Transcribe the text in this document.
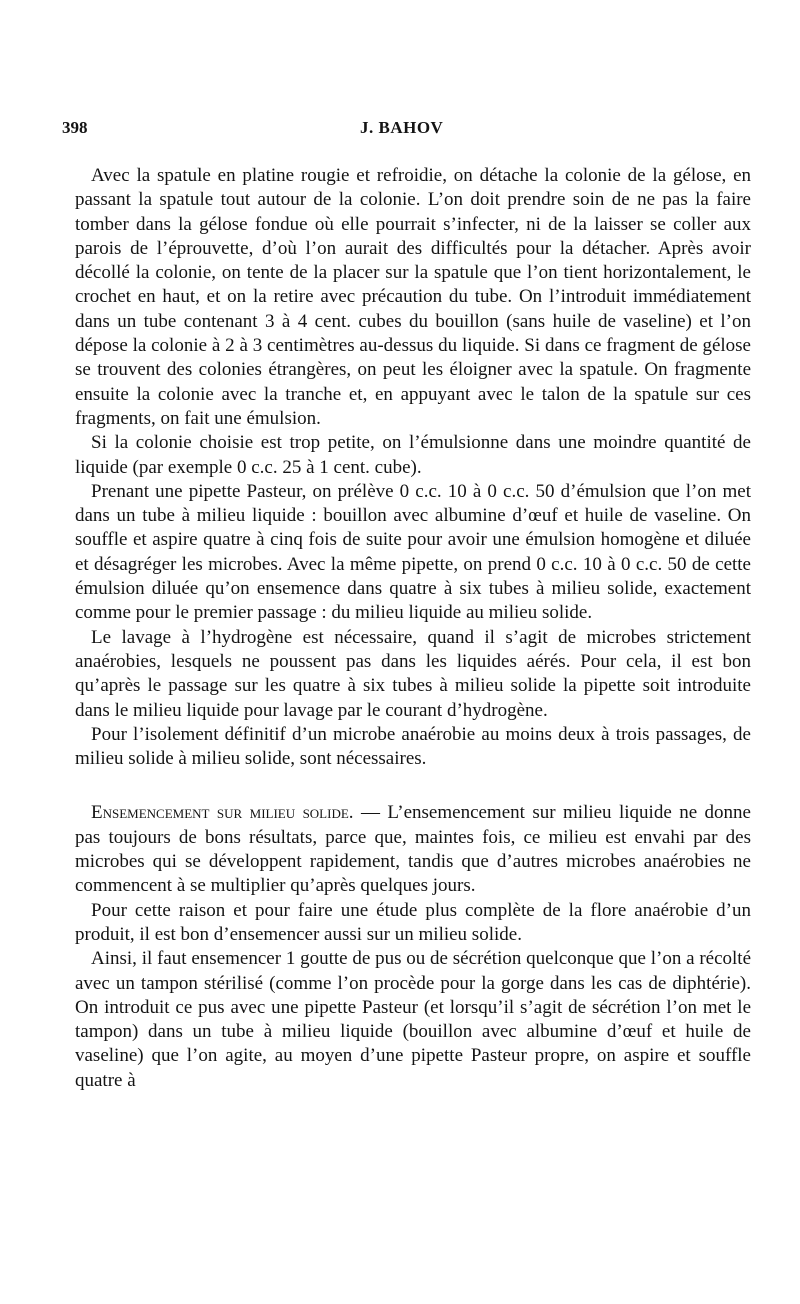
398	J. BAHOV

Avec la spatule en platine rougie et refroidie, on détache la colonie de la gélose, en passant la spatule tout autour de la colonie. L’on doit prendre soin de ne pas la faire tomber dans la gélose fondue où elle pourrait s’infecter, ni de la laisser se coller aux parois de l’éprouvette, d’où l’on aurait des difficultés pour la détacher. Après avoir décollé la colonie, on tente de la placer sur la spatule que l’on tient horizontalement, le crochet en haut, et on la retire avec précaution du tube. On l’introduit immédiatement dans un tube contenant 3 à 4 cent. cubes du bouillon (sans huile de vaseline) et l’on dépose la colonie à 2 à 3 centimètres au-dessus du liquide. Si dans ce fragment de gélose se trouvent des colonies étrangères, on peut les éloigner avec la spatule. On fragmente ensuite la colonie avec la tranche et, en appuyant avec le talon de la spatule sur ces fragments, on fait une émulsion.

Si la colonie choisie est trop petite, on l’émulsionne dans une moindre quantité de liquide (par exemple 0 c.c. 25 à 1 cent. cube).

Prenant une pipette Pasteur, on prélève 0 c.c. 10 à 0 c.c. 50 d’émulsion que l’on met dans un tube à milieu liquide : bouillon avec albumine d’œuf et huile de vaseline. On souffle et aspire quatre à cinq fois de suite pour avoir une émulsion homogène et diluée et désagréger les microbes. Avec la même pipette, on prend 0 c.c. 10 à 0 c.c. 50 de cette émulsion diluée qu’on ensemence dans quatre à six tubes à milieu solide, exactement comme pour le premier passage : du milieu liquide au milieu solide.

Le lavage à l’hydrogène est nécessaire, quand il s’agit de microbes strictement anaérobies, lesquels ne poussent pas dans les liquides aérés. Pour cela, il est bon qu’après le passage sur les quatre à six tubes à milieu solide la pipette soit introduite dans le milieu liquide pour lavage par le courant d’hydrogène.

Pour l’isolement définitif d’un microbe anaérobie au moins deux à trois passages, de milieu solide à milieu solide, sont nécessaires.

Ensemencement sur milieu solide. — L’ensemencement sur milieu liquide ne donne pas toujours de bons résultats, parce que, maintes fois, ce milieu est envahi par des microbes qui se développent rapidement, tandis que d’autres microbes anaérobies ne commencent à se multiplier qu’après quelques jours.

Pour cette raison et pour faire une étude plus complète de la flore anaérobie d’un produit, il est bon d’ensemencer aussi sur un milieu solide.

Ainsi, il faut ensemencer 1 goutte de pus ou de sécrétion quelconque que l’on a récolté avec un tampon stérilisé (comme l’on procède pour la gorge dans les cas de diphtérie). On introduit ce pus avec une pipette Pasteur (et lorsqu’il s’agit de sécrétion l’on met le tampon) dans un tube à milieu liquide (bouillon avec albumine d’œuf et huile de vaseline) que l’on agite, au moyen d’une pipette Pasteur propre, on aspire et souffle quatre à
